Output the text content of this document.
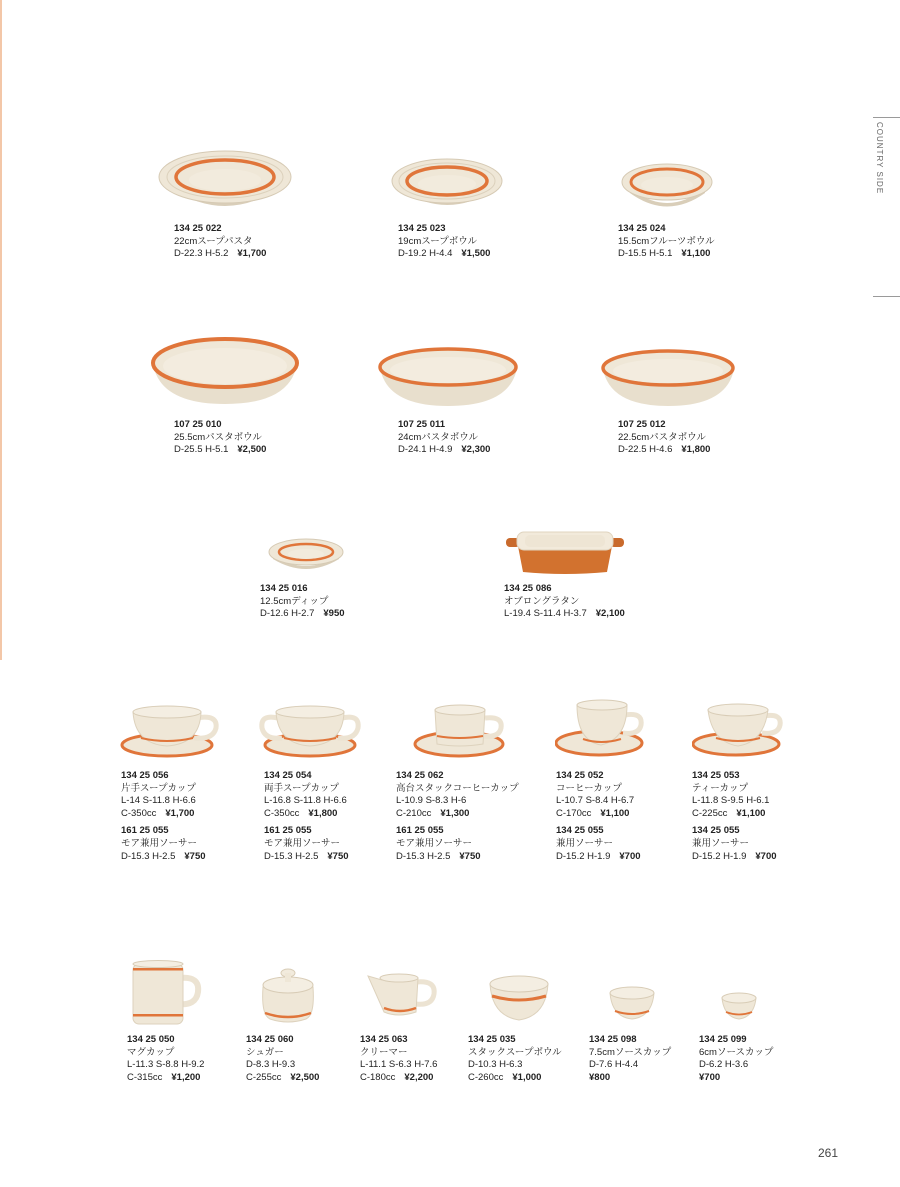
COUNTRY SIDE
134 25 022
22cmスープパスタ
D-22.3 H-5.2 ¥1,700
134 25 023
19cmスープボウル
D-19.2 H-4.4 ¥1,500
134 25 024
15.5cmフルーツボウル
D-15.5 H-5.1 ¥1,100
107 25 010
25.5cmパスタボウル
D-25.5 H-5.1 ¥2,500
107 25 011
24cmパスタボウル
D-24.1 H-4.9 ¥2,300
107 25 012
22.5cmパスタボウル
D-22.5 H-4.6 ¥1,800
134 25 016
12.5cmディップ
D-12.6 H-2.7 ¥950
134 25 086
オブロングラタン
L-19.4 S-11.4 H-3.7 ¥2,100
134 25 056
片手スープカップ
L-14 S-11.8 H-6.6
C-350cc ¥1,700
161 25 055
モア兼用ソーサー
D-15.3 H-2.5 ¥750
134 25 054
両手スープカップ
L-16.8 S-11.8 H-6.6
C-350cc ¥1,800
161 25 055
モア兼用ソーサー
D-15.3 H-2.5 ¥750
134 25 062
高台スタックコーヒーカップ
L-10.9 S-8.3 H-6
C-210cc ¥1,300
161 25 055
モア兼用ソーサー
D-15.3 H-2.5 ¥750
134 25 052
コーヒーカップ
L-10.7 S-8.4 H-6.7
C-170cc ¥1,100
134 25 055
兼用ソーサー
D-15.2 H-1.9 ¥700
134 25 053
ティーカップ
L-11.8 S-9.5 H-6.1
C-225cc ¥1,100
134 25 055
兼用ソーサー
D-15.2 H-1.9 ¥700
134 25 050
マグカップ
L-11.3 S-8.8 H-9.2
C-315cc ¥1,200
134 25 060
シュガー
D-8.3 H-9.3
C-255cc ¥2,500
134 25 063
クリーマー
L-11.1 S-6.3 H-7.6
C-180cc ¥2,200
134 25 035
スタックスープボウル
D-10.3 H-6.3
C-260cc ¥1,000
134 25 098
7.5cmソースカップ
D-7.6 H-4.4
¥800
134 25 099
6cmソースカップ
D-6.2 H-3.6
¥700
261
